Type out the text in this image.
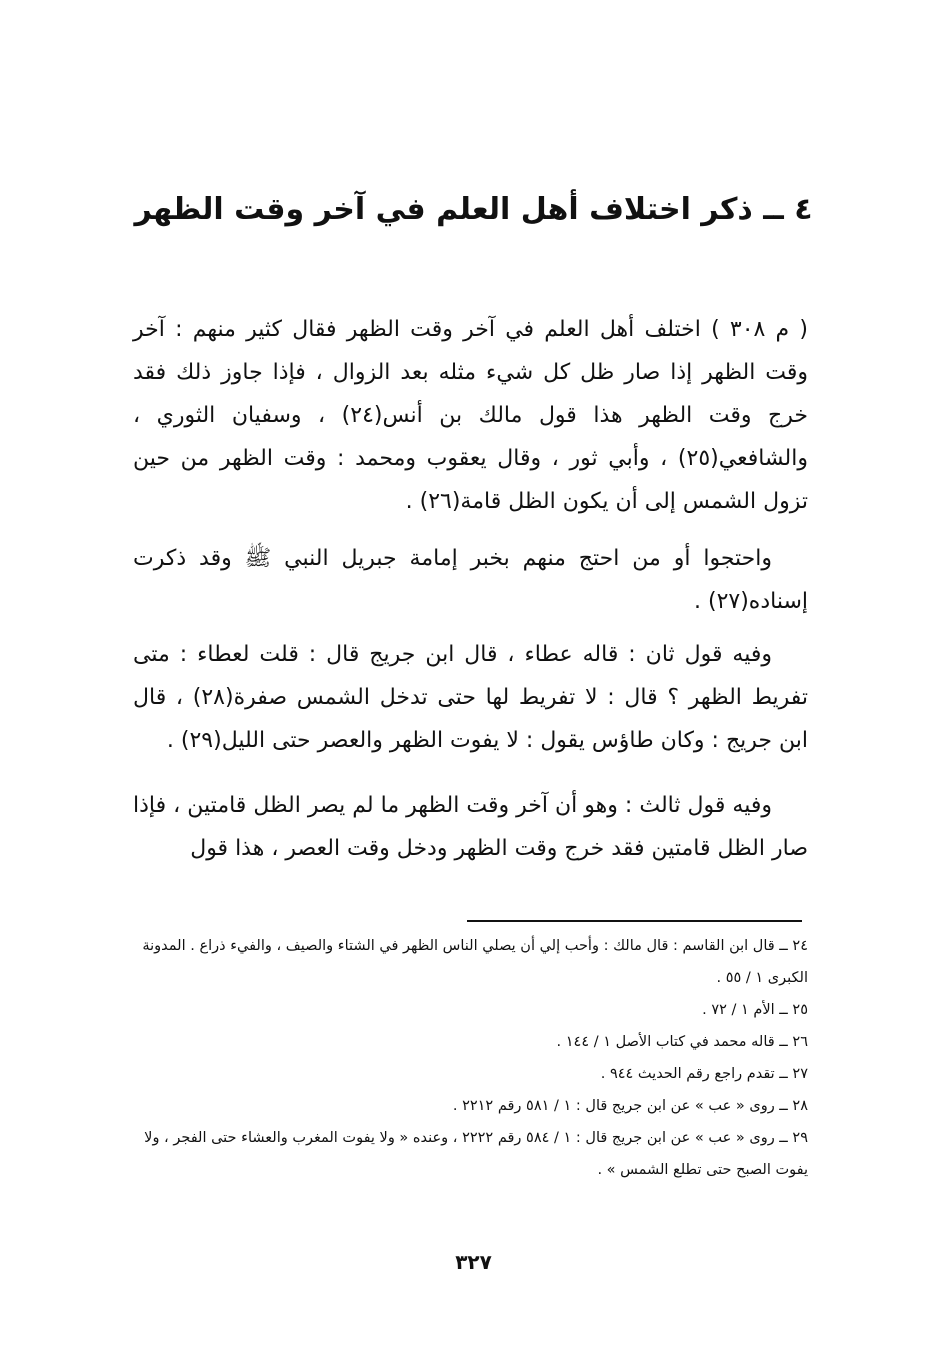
٤ ــ ذكر اختلاف أهل العلم في آخر وقت الظهر

( م ٣٠٨ ) اختلف أهل العلم في آخر وقت الظهر فقال كثير منهم : آخر وقت الظهر إذا صار ظل كل شيء مثله بعد الزوال ، فإذا جاوز ذلك فقد خرج وقت الظهر هذا قول مالك بن أنس(٢٤) ، وسفيان الثوري ، والشافعي(٢٥) ، وأبي ثور ، وقال يعقوب ومحمد : وقت الظهر من حين تزول الشمس إلى أن يكون الظل قامة(٢٦) .

واحتجوا أو من احتج منهم بخبر إمامة جبريل النبي ﷺ وقد ذكرت إسناده(٢٧) .

وفيه قول ثان : قاله عطاء ، قال ابن جريج قال : قلت لعطاء : متى تفريط الظهر ؟ قال : لا تفريط لها حتى تدخل الشمس صفرة(٢٨) ، قال ابن جريج : وكان طاؤس يقول : لا يفوت الظهر والعصر حتى الليل(٢٩) .

وفيه قول ثالث : وهو أن آخر وقت الظهر ما لم يصر الظل قامتين ، فإذا صار الظل قامتين فقد خرج وقت الظهر ودخل وقت العصر ، هذا قول

٢٤ ــ قال ابن القاسم : قال مالك : وأحب إلي أن يصلي الناس الظهر في الشتاء والصيف ، والفيء ذراع . المدونة الكبرى ١ / ٥٥ .

٢٥ ــ الأم ١ / ٧٢ .

٢٦ ــ قاله محمد في كتاب الأصل ١ / ١٤٤ .

٢٧ ــ تقدم راجع رقم الحديث ٩٤٤ .

٢٨ ــ روى « عب » عن ابن جريج قال : ١ / ٥٨١ رقم ٢٢١٢ .

٢٩ ــ روى « عب » عن ابن جريج قال : ١ / ٥٨٤ رقم ٢٢٢٢ ، وعنده « ولا يفوت المغرب والعشاء حتى الفجر ، ولا يفوت الصبح حتى تطلع الشمس » .

٣٢٧
